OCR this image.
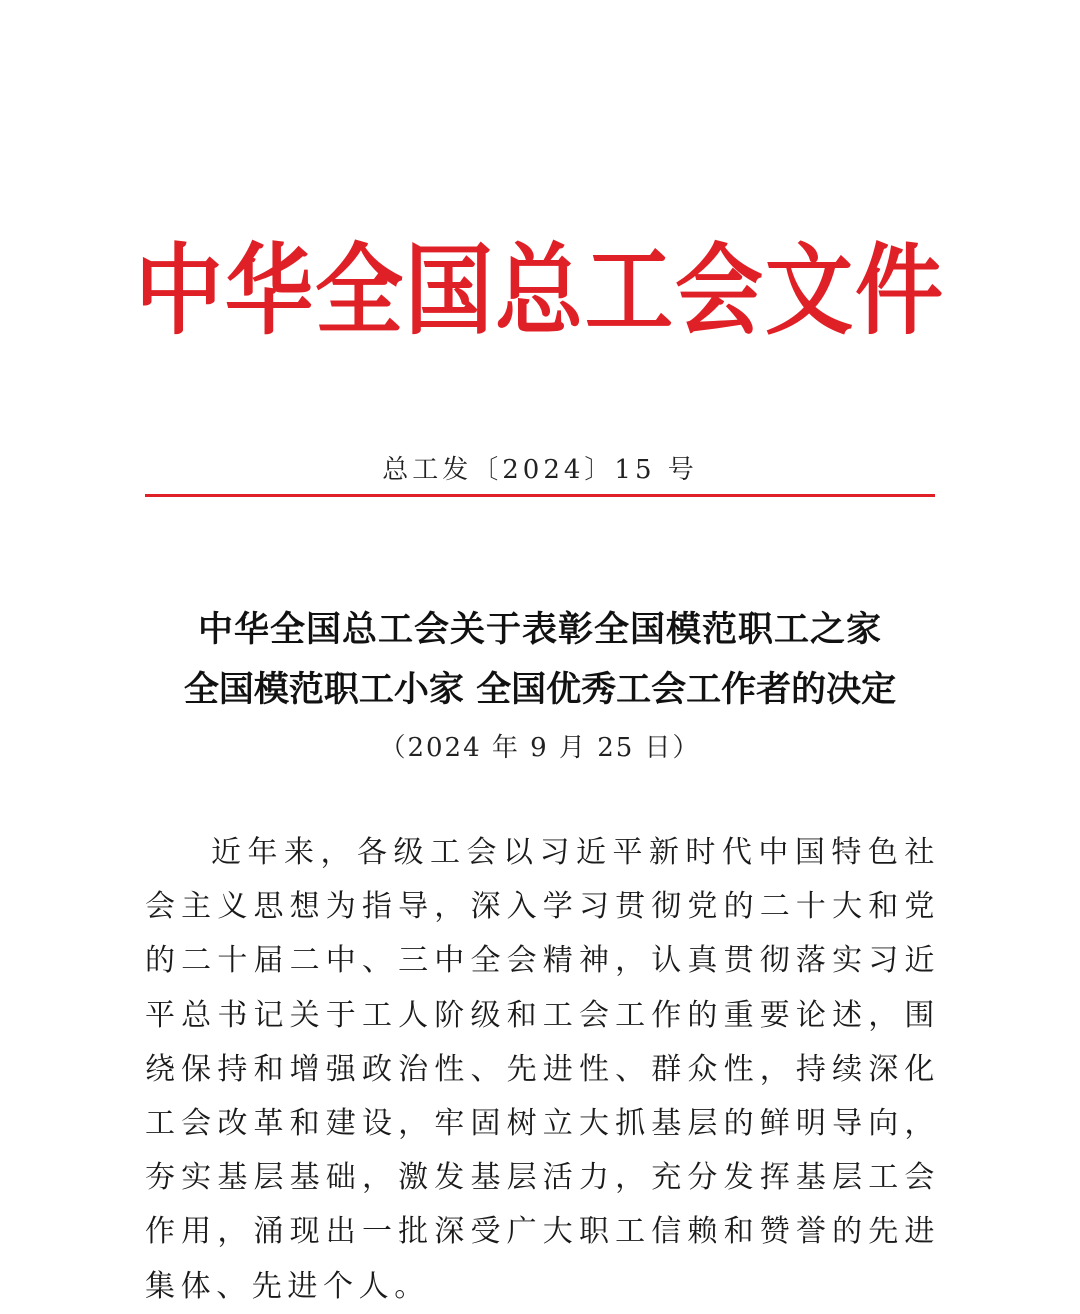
中华全国总工会文件
总工发〔2024〕15 号
中华全国总工会关于表彰全国模范职工之家
全国模范职工小家 全国优秀工会工作者的决定
（2024 年 9 月 25 日）

近年来，各级工会以习近平新时代中国特色社会主义思想为指导，深入学习贯彻党的二十大和党的二十届二中、三中全会精神，认真贯彻落实习近平总书记关于工人阶级和工会工作的重要论述，围绕保持和增强政治性、先进性、群众性，持续深化工会改革和建设，牢固树立大抓基层的鲜明导向，夯实基层基础，激发基层活力，充分发挥基层工会作用，涌现出一批深受广大职工信赖和赞誉的先进集体、先进个人。
